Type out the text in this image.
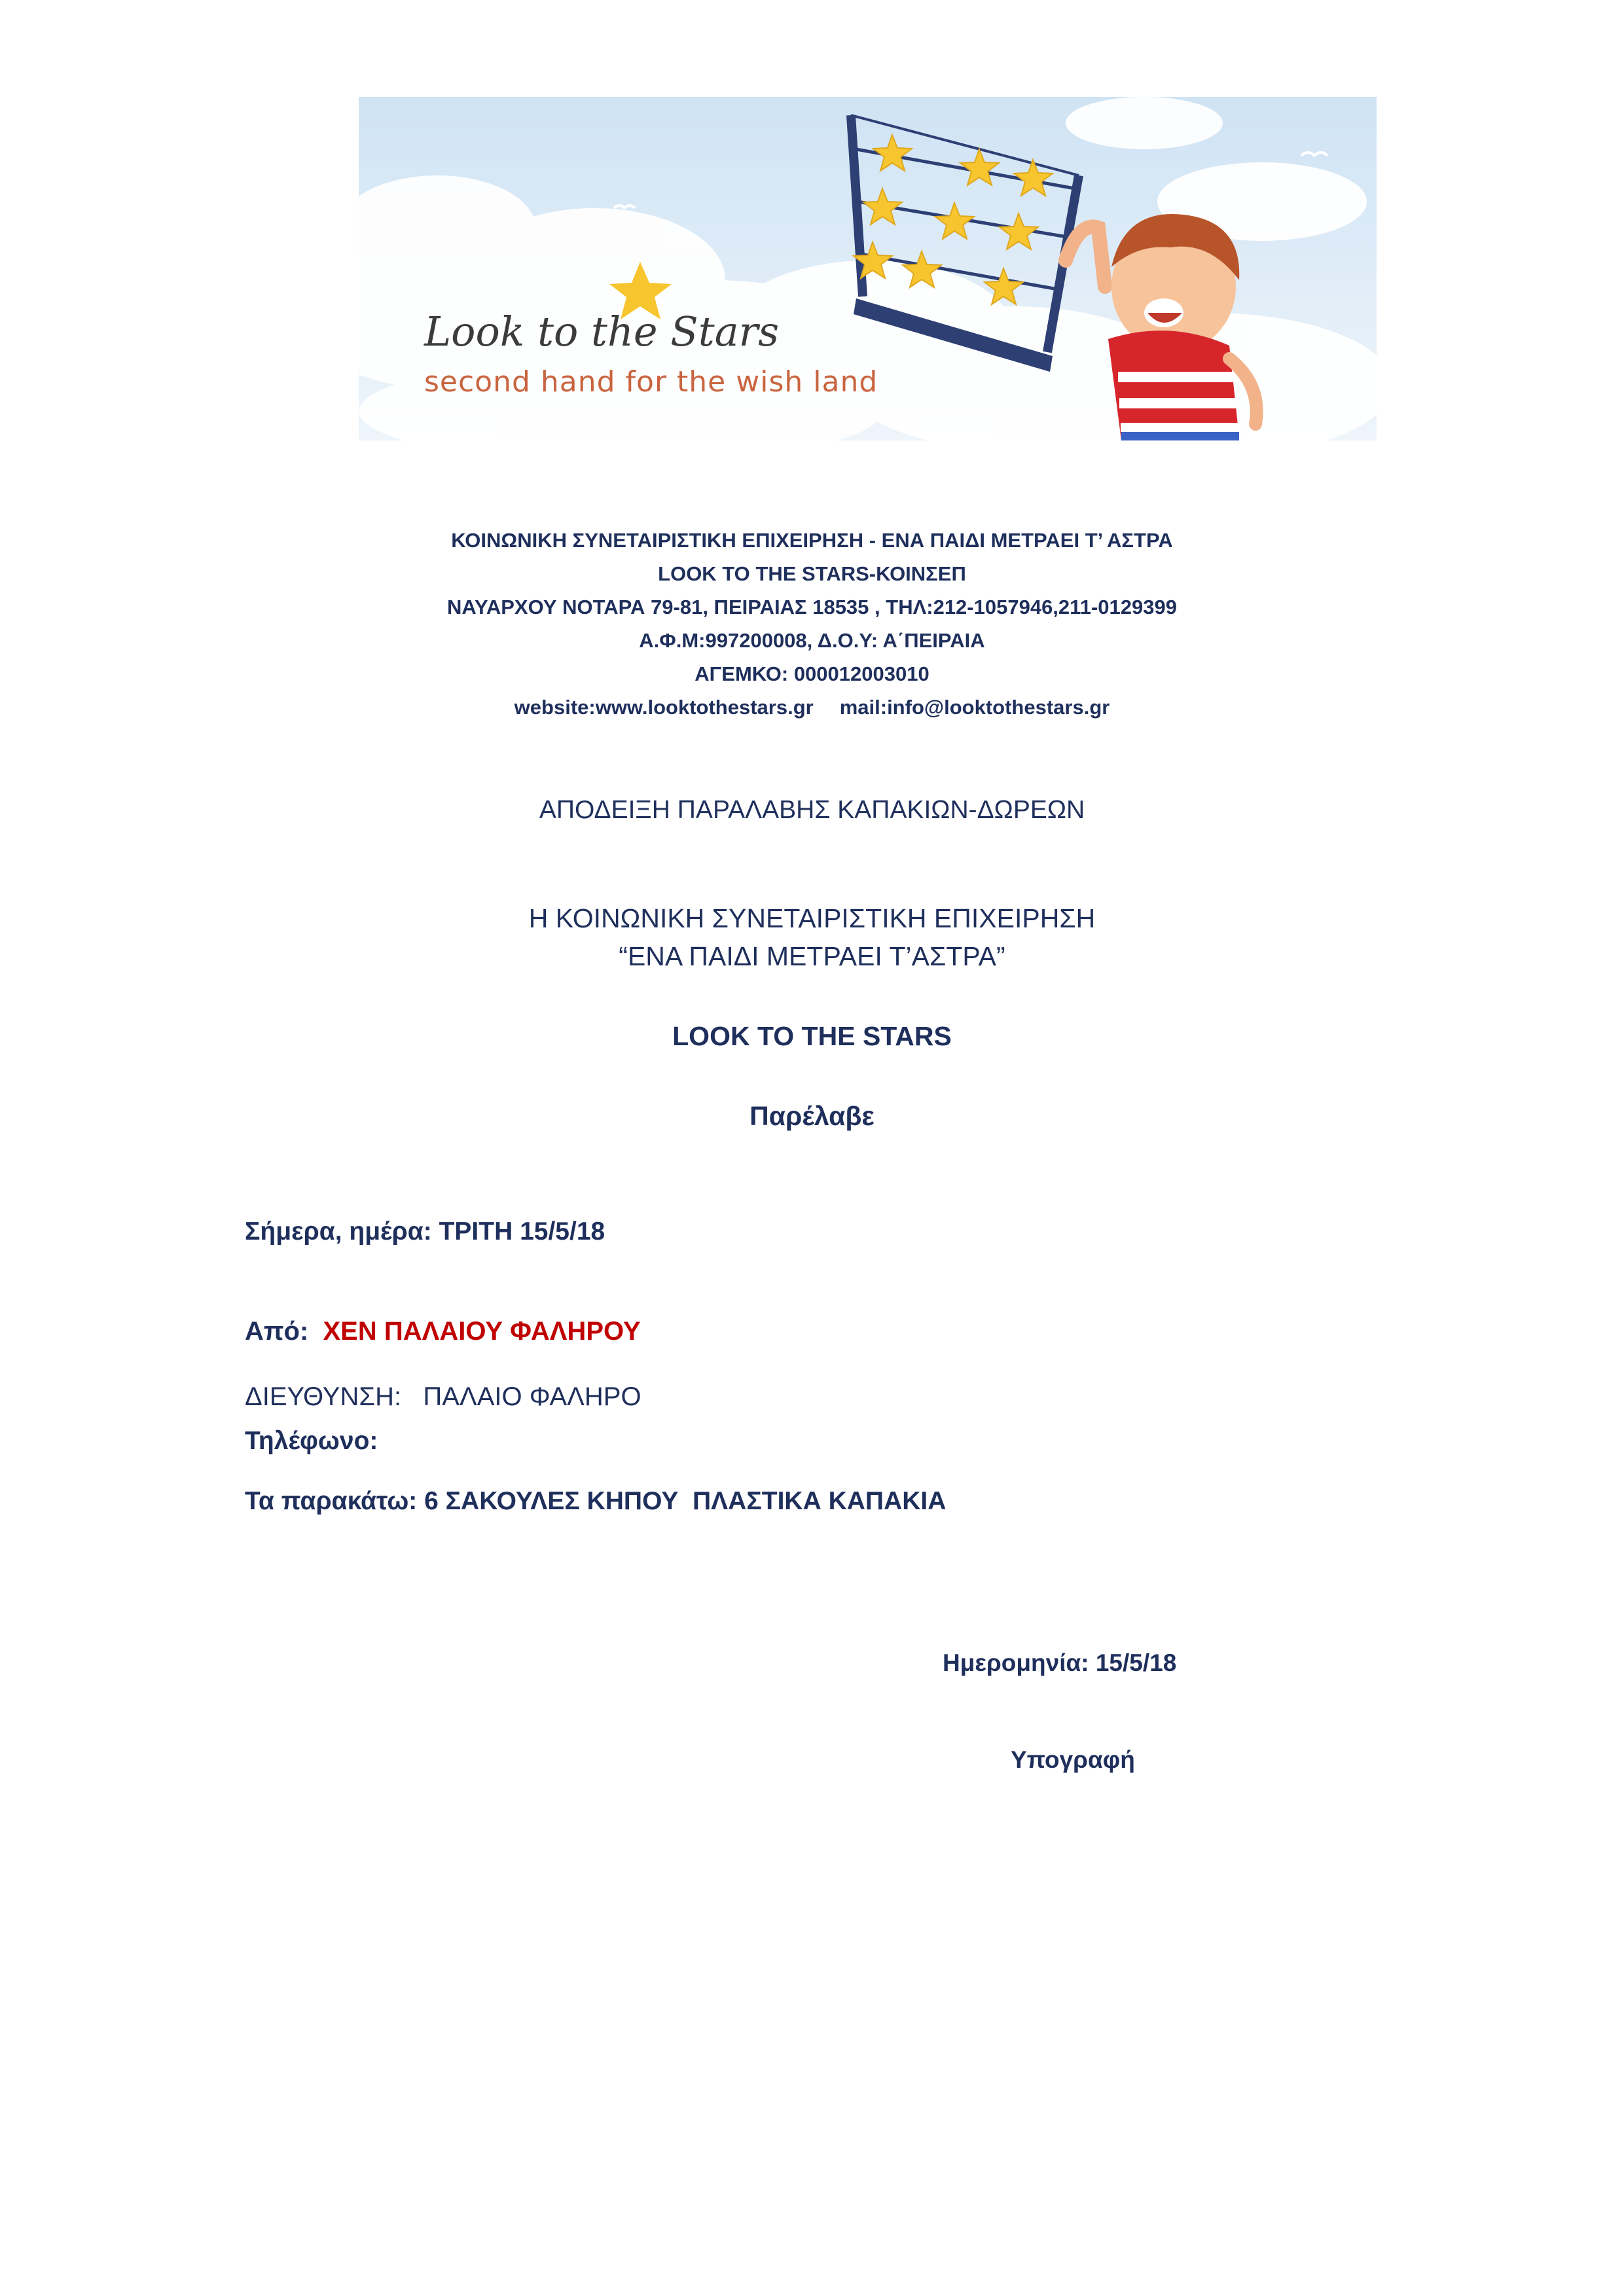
Look to the Stars
second hand for the wish land
ΚΟΙΝΩΝΙΚΗ ΣΥΝΕΤΑΙΡΙΣΤΙΚΗ ΕΠΙΧΕΙΡΗΣΗ - ΕΝΑ ΠΑΙΔΙ ΜΕΤΡΑΕΙ Τ’ ΑΣΤΡΑ
LOOK TO THE STARS-ΚΟΙΝΣΕΠ
ΝΑΥΑΡΧΟΥ ΝΟΤΑΡΑ 79-81, ΠΕΙΡΑΙΑΣ 18535 , ΤΗΛ:212-1057946,211-0129399
Α.Φ.Μ:997200008, Δ.Ο.Υ: Α΄ΠΕΙΡΑΙΑ
ΑΓΕΜΚΟ: 000012003010
website:www.looktothestars.gr mail:info@looktothestars.gr
ΑΠΟΔΕΙΞΗ ΠΑΡΑΛΑΒΗΣ ΚΑΠΑΚΙΩΝ-ΔΩΡΕΩΝ
Η ΚΟΙΝΩΝΙΚΗ ΣΥΝΕΤΑΙΡΙΣΤΙΚΗ ΕΠΙΧΕΙΡΗΣΗ
“ΕΝΑ ΠΑΙΔΙ ΜΕΤΡΑΕΙ Τ’ΑΣΤΡΑ”
LOOK TO THE STARS
Παρέλαβε
Σήμερα, ημέρα: ΤΡΙΤΗ 15/5/18
Από: ΧΕΝ ΠΑΛΑΙΟΥ ΦΑΛΗΡΟΥ
ΔΙΕΥΘΥΝΣΗ: ΠΑΛΑΙΟ ΦΑΛΗΡΟ
Τηλέφωνο:
Τα παρακάτω: 6 ΣΑΚΟΥΛΕΣ ΚΗΠΟΥ  ΠΛΑΣΤΙΚΑ ΚΑΠΑΚΙΑ
Ημερομηνία: 15/5/18
Υπογραφή
